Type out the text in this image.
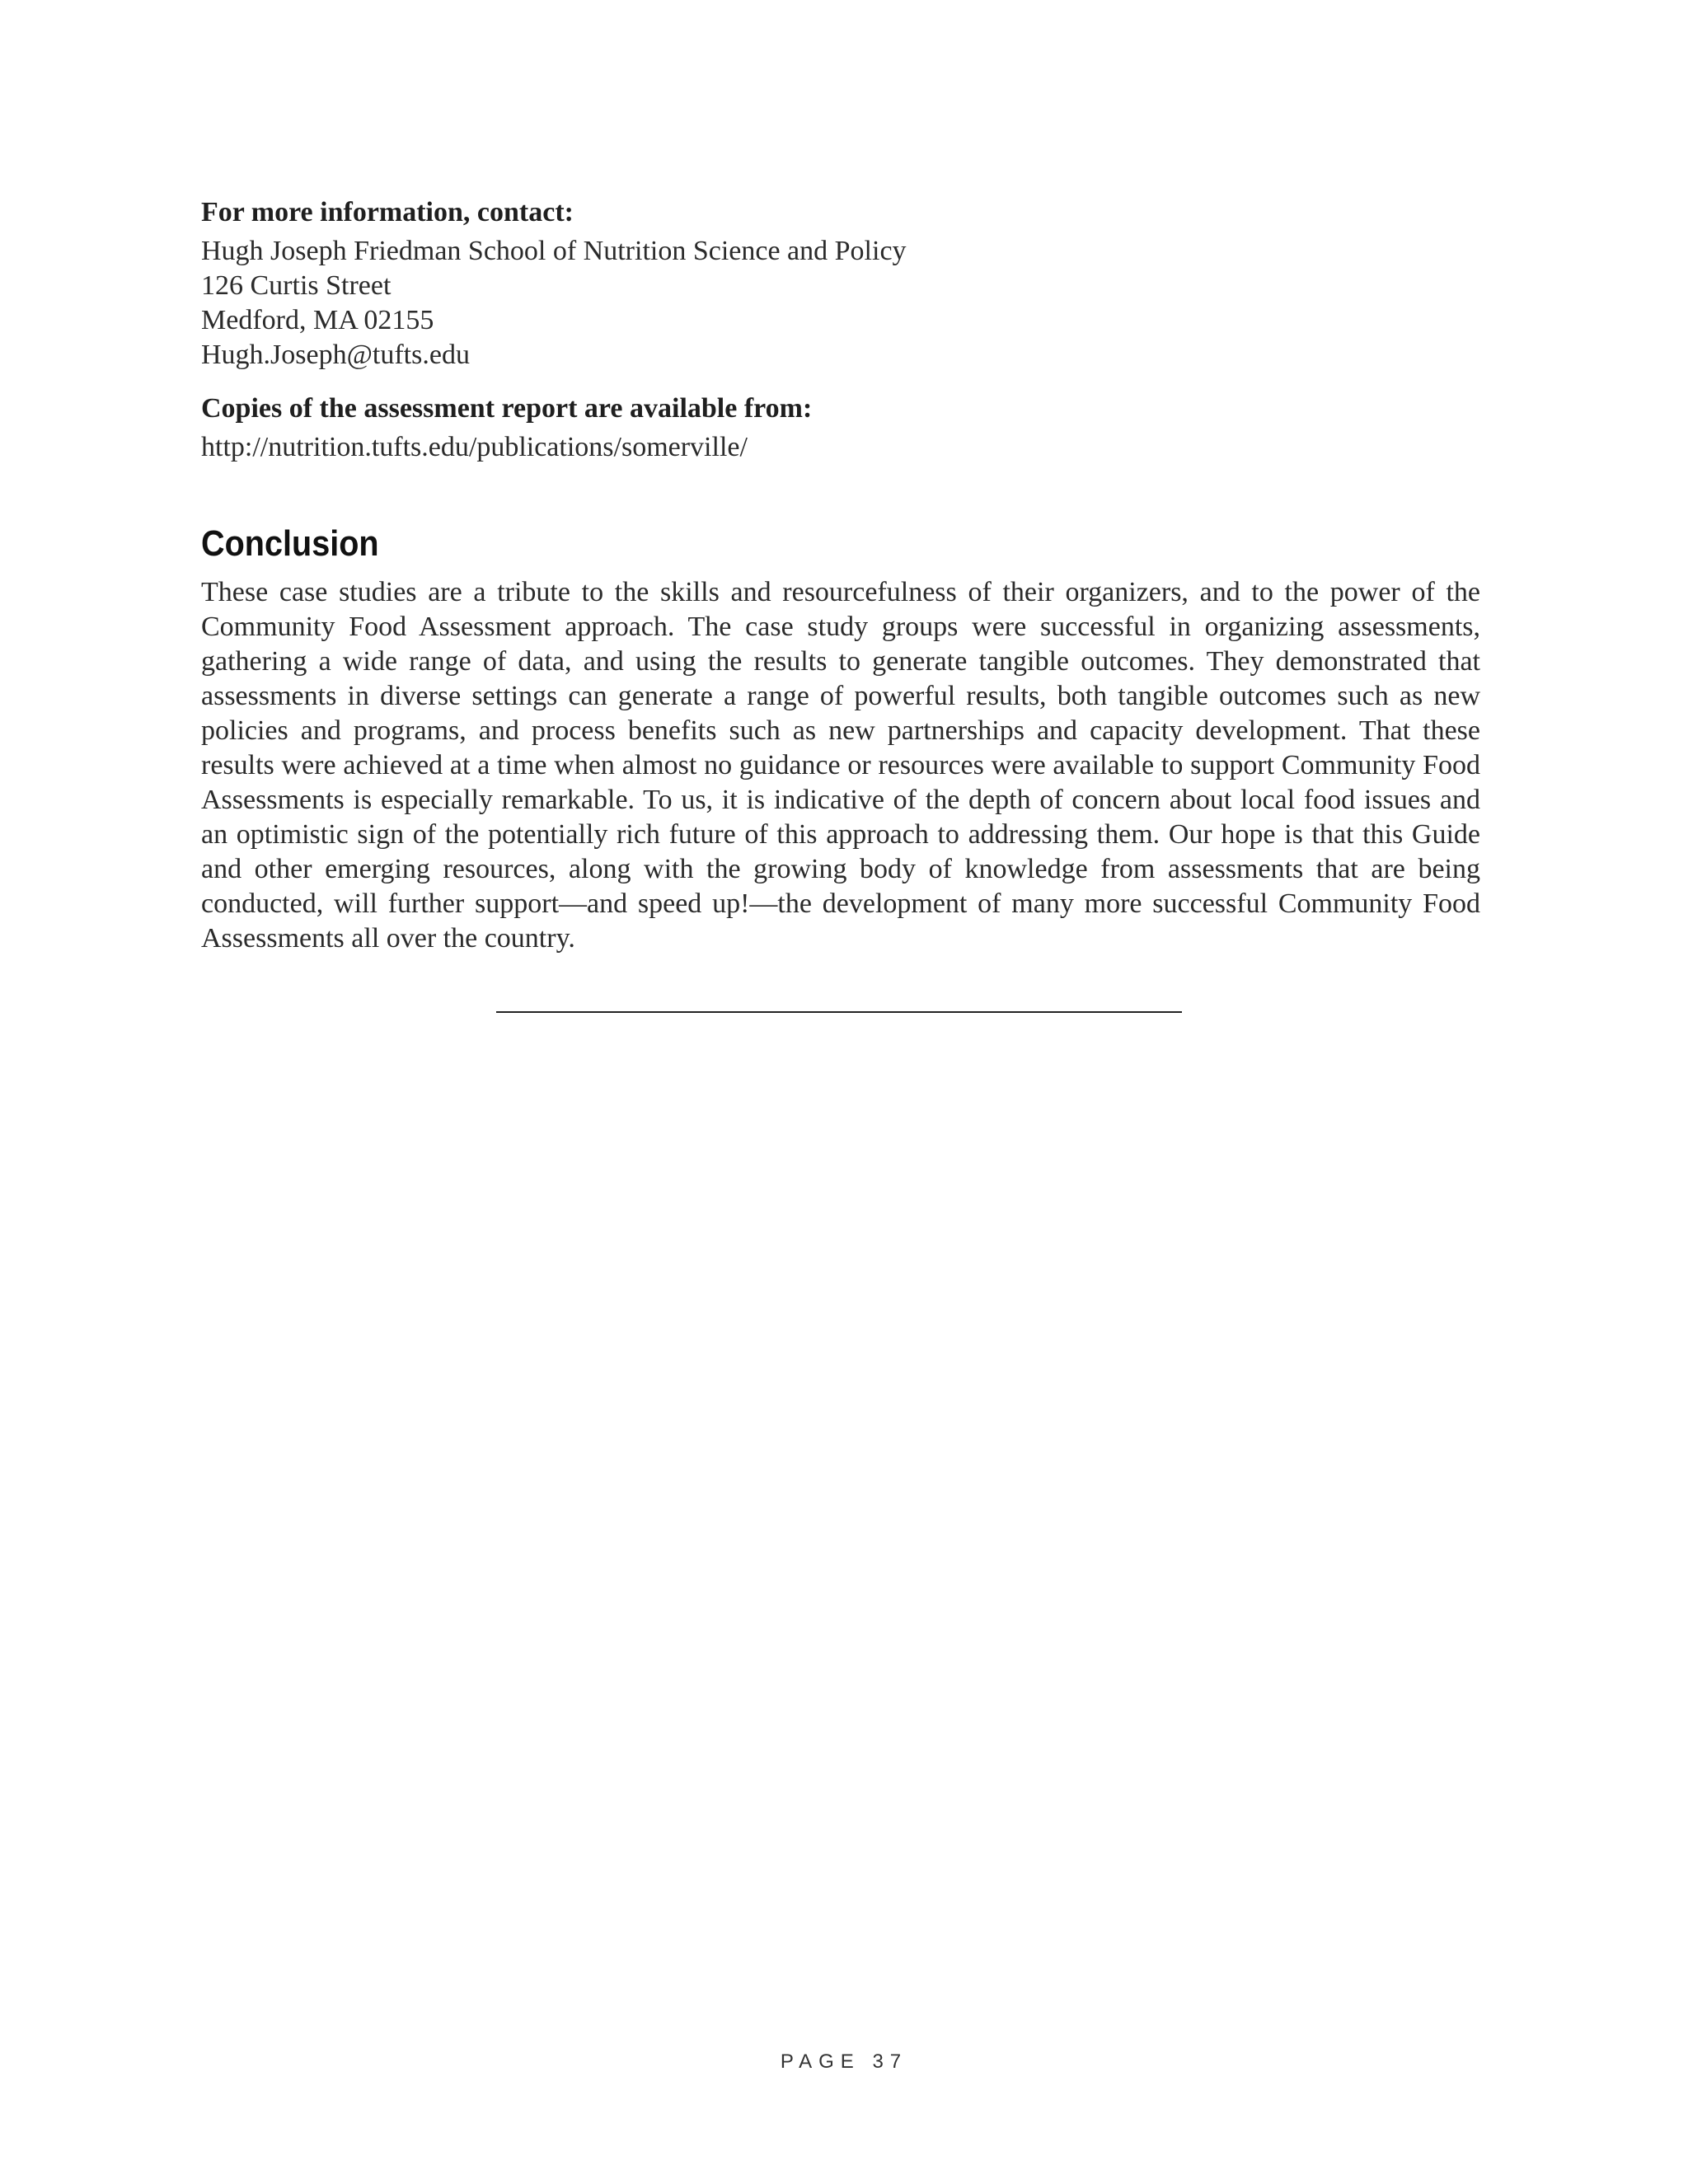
For more information, contact:
Hugh Joseph Friedman School of Nutrition Science and Policy
126 Curtis Street
Medford, MA 02155
Hugh.Joseph@tufts.edu
Copies of the assessment report are available from:
http://nutrition.tufts.edu/publications/somerville/
Conclusion

These case studies are a tribute to the skills and resourcefulness of their organizers, and to the power of the Community Food Assessment approach. The case study groups were successful in organizing assessments, gathering a wide range of data, and using the results to generate tangible outcomes. They demonstrated that assessments in diverse settings can generate a range of powerful results, both tangible outcomes such as new policies and programs, and process benefits such as new partnerships and capacity development. That these results were achieved at a time when almost no guidance or resources were available to support Community Food Assessments is especially remarkable. To us, it is indicative of the depth of concern about local food issues and an optimistic sign of the potentially rich future of this approach to addressing them. Our hope is that this Guide and other emerging resources, along with the growing body of knowledge from assessments that are being conducted, will further support—and speed up!—the development of many more successful Community Food Assessments all over the country.

PAGE 37
